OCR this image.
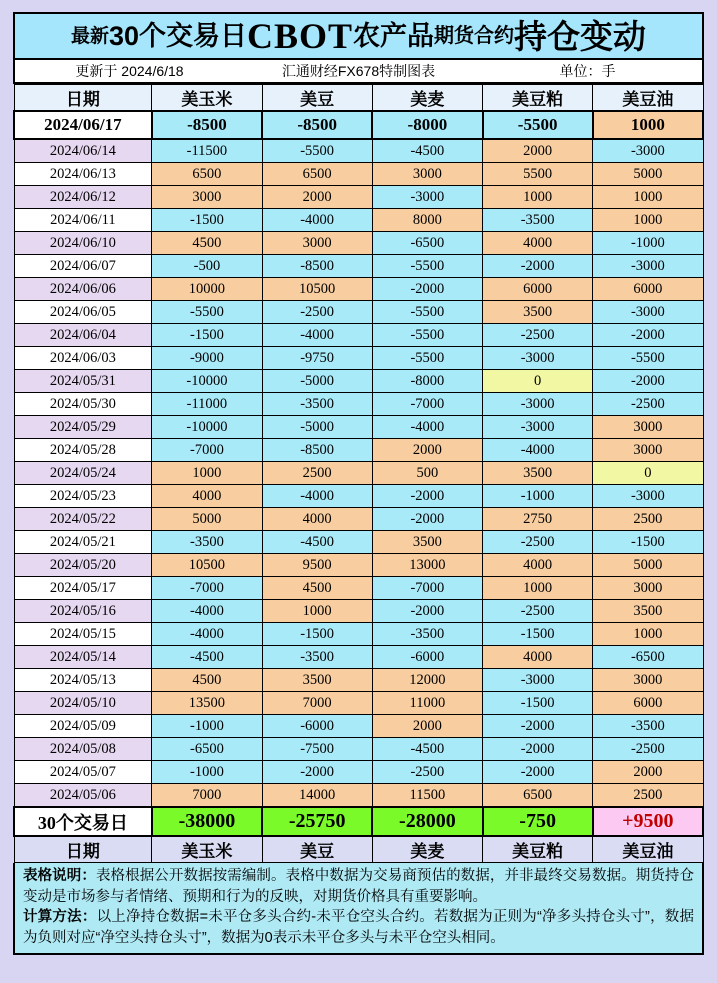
最新 30个交易日 CBOT 农产品 期货合约 持仓变动
更新于 2024/6/18	汇通财经FX678特制图表	单位：手
日期	美玉米	美豆	美麦	美豆粕	美豆油
2024/06/17	-8500	-8500	-8000	-5500	1000
2024/06/14	-11500	-5500	-4500	2000	-3000
2024/06/13	6500	6500	3000	5500	5000
2024/06/12	3000	2000	-3000	1000	1000
2024/06/11	-1500	-4000	8000	-3500	1000
2024/06/10	4500	3000	-6500	4000	-1000
2024/06/07	-500	-8500	-5500	-2000	-3000
2024/06/06	10000	10500	-2000	6000	6000
2024/06/05	-5500	-2500	-5500	3500	-3000
2024/06/04	-1500	-4000	-5500	-2500	-2000
2024/06/03	-9000	-9750	-5500	-3000	-5500
2024/05/31	-10000	-5000	-8000	0	-2000
2024/05/30	-11000	-3500	-7000	-3000	-2500
2024/05/29	-10000	-5000	-4000	-3000	3000
2024/05/28	-7000	-8500	2000	-4000	3000
2024/05/24	1000	2500	500	3500	0
2024/05/23	4000	-4000	-2000	-1000	-3000
2024/05/22	5000	4000	-2000	2750	2500
2024/05/21	-3500	-4500	3500	-2500	-1500
2024/05/20	10500	9500	13000	4000	5000
2024/05/17	-7000	4500	-7000	1000	3000
2024/05/16	-4000	1000	-2000	-2500	3500
2024/05/15	-4000	-1500	-3500	-1500	1000
2024/05/14	-4500	-3500	-6000	4000	-6500
2024/05/13	4500	3500	12000	-3000	3000
2024/05/10	13500	7000	11000	-1500	6000
2024/05/09	-1000	-6000	2000	-2000	-3500
2024/05/08	-6500	-7500	-4500	-2000	-2500
2024/05/07	-1000	-2000	-2500	-2000	2000
2024/05/06	7000	14000	11500	6500	2500
30个交易日	-38000	-25750	-28000	-750	+9500
日期	美玉米	美豆	美麦	美豆粕	美豆油
表格说明：表格根据公开数据按需编制。表格中数据为交易商预估的数据，并非最终交易数据。期货持仓变动是市场参与者情绪、预期和行为的反映，对期货价格具有重要影响。
计算方法：以上净持仓数据=未平仓多头合约-未平仓空头合约。若数据为正则为“净多头持仓头寸”，数据为负则对应“净空头持仓头寸”，数据为0表示未平仓多头与未平仓空头相同。
